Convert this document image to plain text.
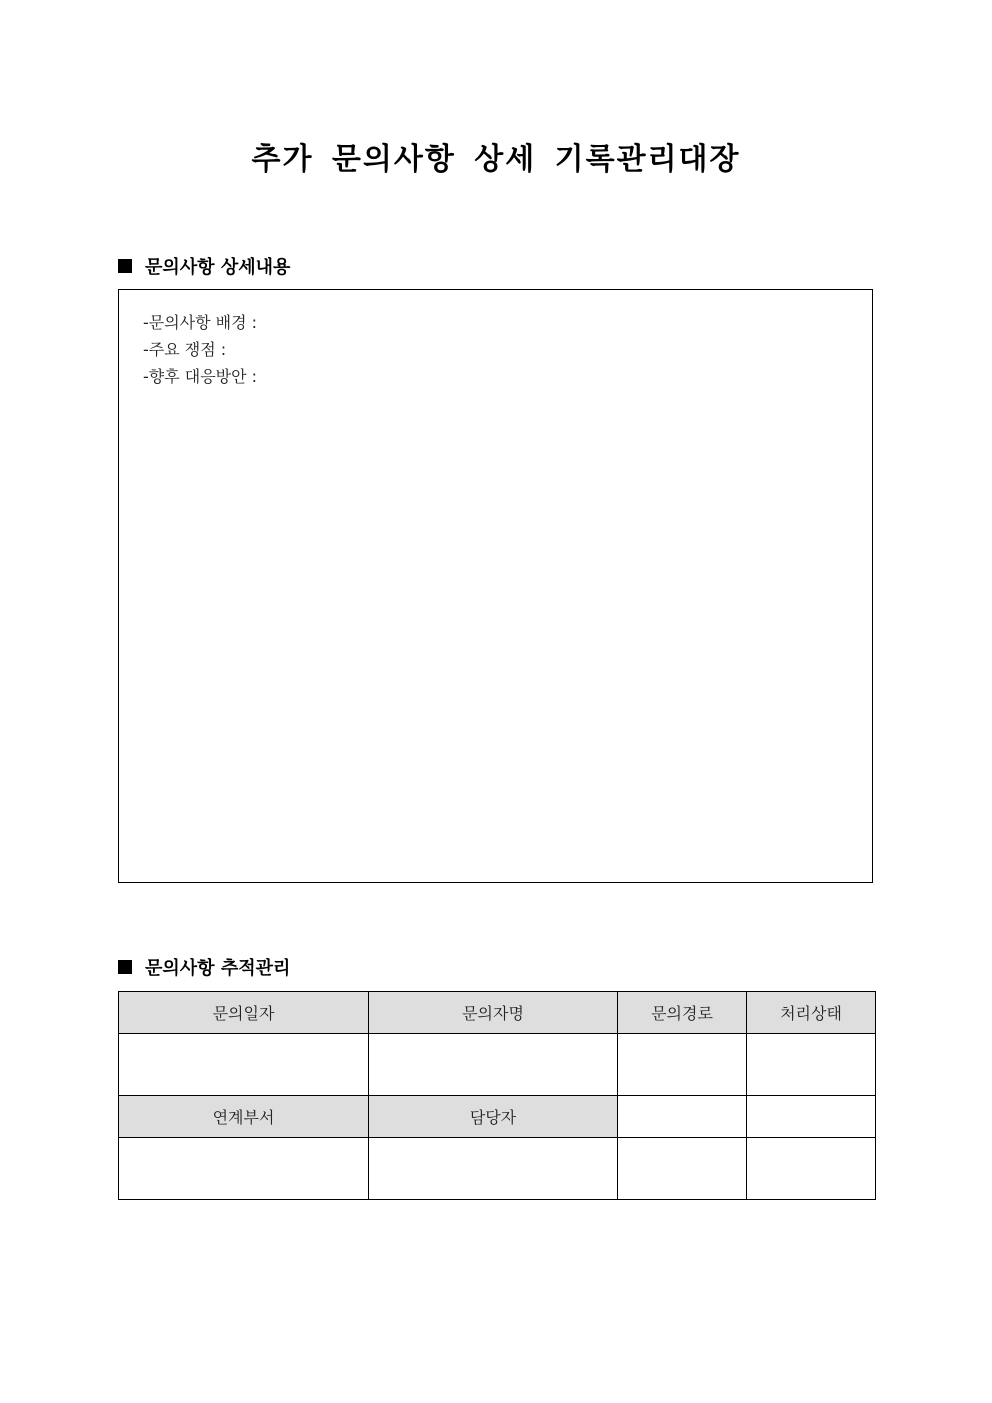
추가 문의사항 상세 기록관리대장
문의사항 상세내용
-문의사항 배경 :
-주요 쟁점 :
-향후 대응방안 :
문의사항 추적관리
문의일자	문의자명	문의경로	처리상태

연계부서	담당자		
